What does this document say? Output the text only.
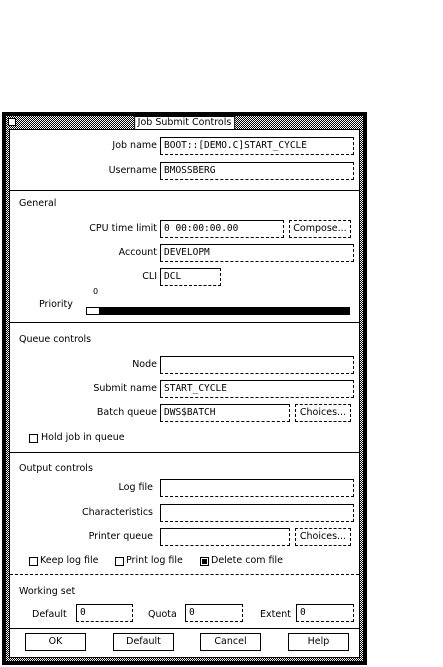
Job Submit Controls
Job name BOOT::[DEMO.C]START_CYCLE
Username BMOSSBERG
General
CPU time limit 0 00:00:00.00	Compose...
Account DEVELOPM
CLI DCL
Priority
0
Queue controls
Node
Submit name START_CYCLE
Batch queue DWS$BATCH	Choices...
Hold job in queue
Output controls
Log file
Characteristics
Printer queue	Choices...
Keep log file	Print log file	Delete com file
Working set
Default	0	Quota	0	Extent 0
OK	Default	Cancel	Help
